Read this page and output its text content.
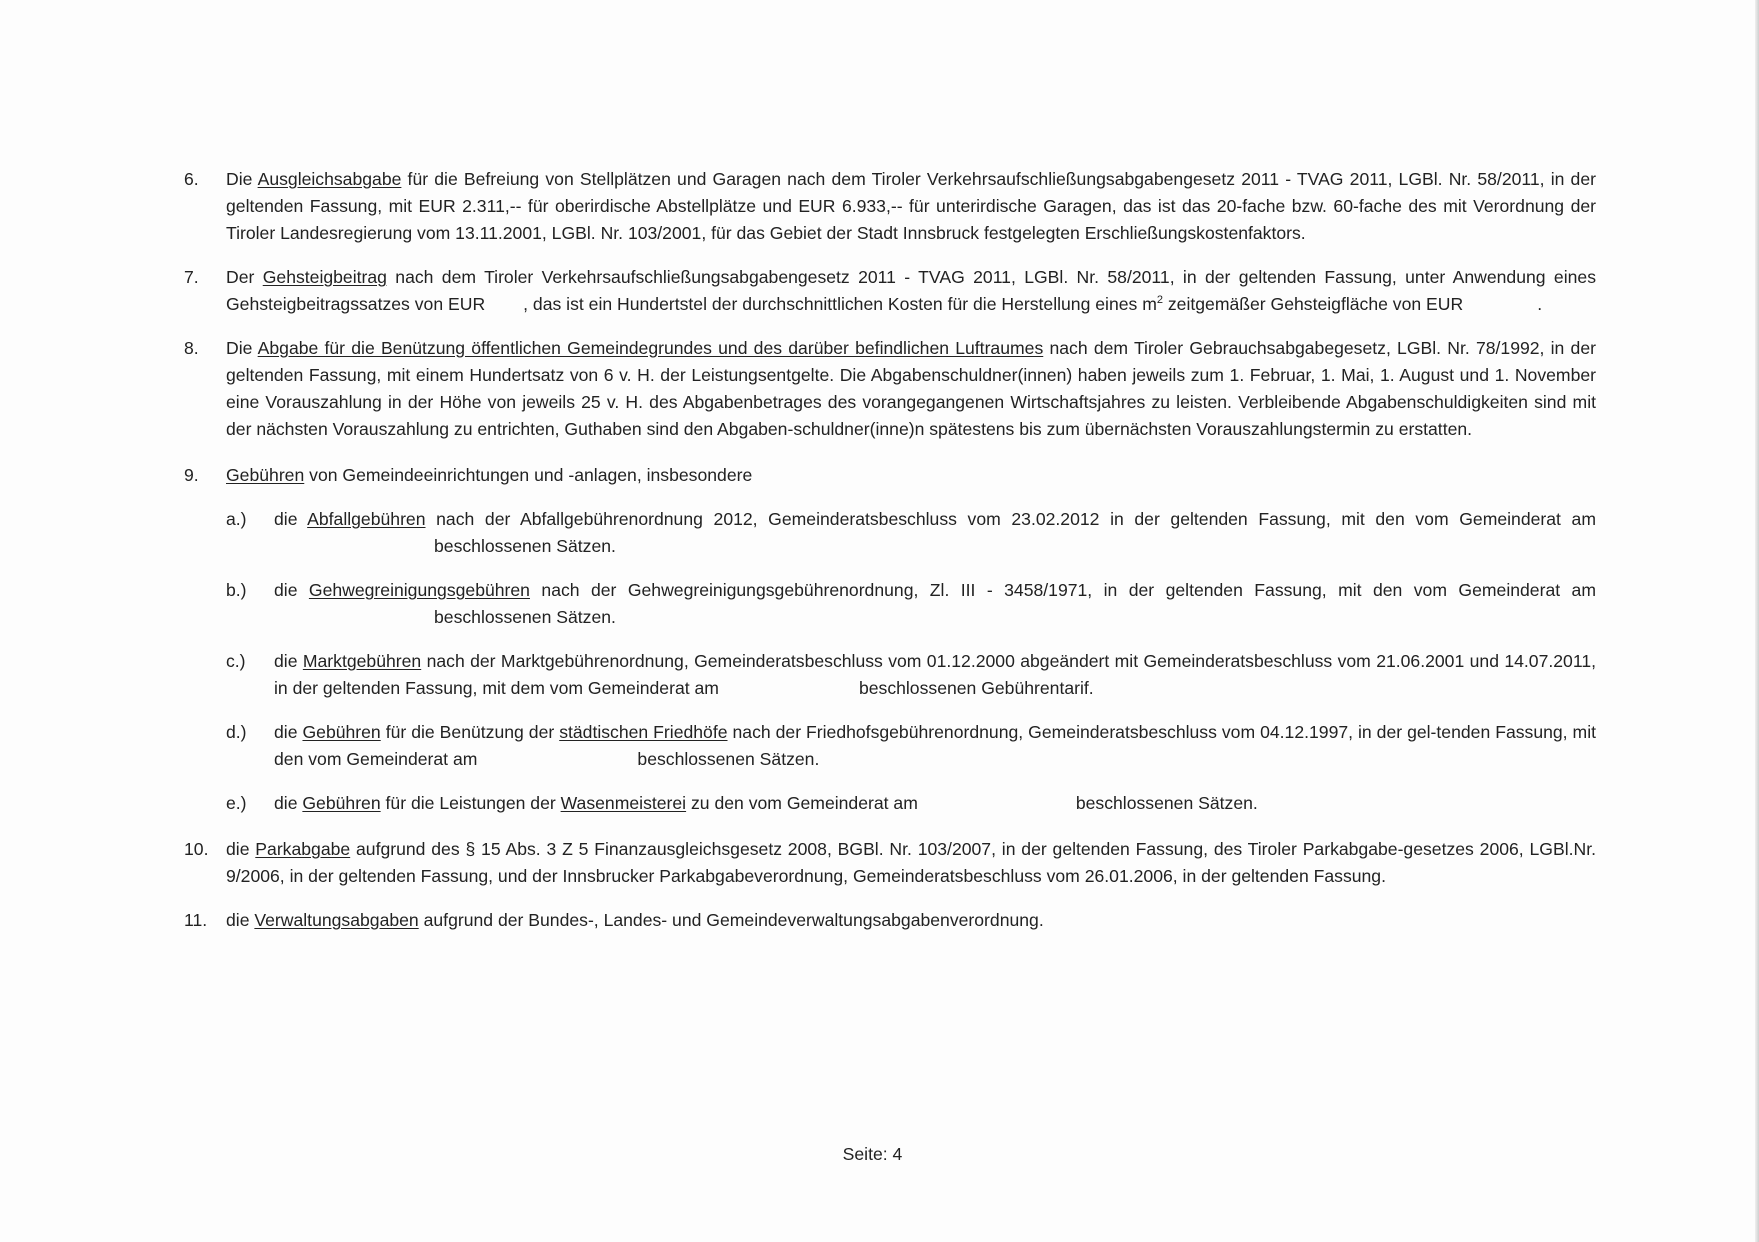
6. Die Ausgleichsabgabe für die Befreiung von Stellplätzen und Garagen nach dem Tiroler Verkehrsaufschließungsabgabengesetz 2011 - TVAG 2011, LGBl. Nr. 58/2011, in der geltenden Fassung, mit EUR 2.311,-- für oberirdische Abstellplätze und EUR 6.933,-- für unterirdische Garagen, das ist das 20-fache bzw. 60-fache des mit Verordnung der Tiroler Landesregierung vom 13.11.2001, LGBl. Nr. 103/2001, für das Gebiet der Stadt Innsbruck festgelegten Erschließungskostenfaktors.
7. Der Gehsteigbeitrag nach dem Tiroler Verkehrsaufschließungsabgabengesetz 2011 - TVAG 2011, LGBl. Nr. 58/2011, in der geltenden Fassung, unter Anwendung eines Gehsteigbeitragssatzes von EUR , das ist ein Hundertstel der durchschnittlichen Kosten für die Herstellung eines $m^2$ zeitgemäßer Gehsteigfläche von EUR	.
8. Die Abgabe für die Benützung öffentlichen Gemeindegrundes und des darüber befindlichen Luftraumes nach dem Tiroler Gebrauchsabgabegesetz, LGBl. Nr. 78/1992, in der geltenden Fassung, mit einem Hundertsatz von 6 v. H. der Leistungsentgelte. Die Abgabenschuldner(innen) haben jeweils zum 1. Februar, 1. Mai, 1. August und 1. November eine Vorauszahlung in der Höhe von jeweils 25 v. H. des Abgabenbetrages des vorangegangenen Wirtschaftsjahres zu leisten. Verbleibende Abgabenschuldigkeiten sind mit der nächsten Vorauszahlung zu entrichten, Guthaben sind den Abgaben-schuldner(inne)n spätestens bis zum übernächsten Vorauszahlungstermin zu erstatten.
9. Gebühren von Gemeindeeinrichtungen und -anlagen, insbesondere
a.) die Abfallgebühren nach der Abfallgebührenordnung 2012, Gemeinderatsbeschluss vom 23.02.2012 in der geltenden Fassung, mit den vom Gemeinderat ambeschlossenen Sätzen.
b.) die Gehwegreinigungsgebühren nach der Gehwegreinigungsgebührenordnung, Zl. III - 3458/1971, in der geltenden Fassung, mit den vom Gemeinderat ambeschlossenen Sätzen.
c.) die Marktgebühren nach der Marktgebührenordnung, Gemeinderatsbeschluss vom 01.12.2000 abgeändert mit Gemeinderatsbeschluss vom 21.06.2001 und 14.07.2011, in der geltenden Fassung, mit dem vom Gemeinderat am	beschlossenen Gebührentarif.
d.) die Gebühren für die Benützung der städtischen Friedhöfe nach der Friedhofsgebührenordnung, Gemeinderatsbeschluss vom 04.12.1997, in der gel-tenden Fassung, mit den vom Gemeinderat am	beschlossenen Sätzen.
e.) die Gebühren für die Leistungen der Wasenmeisterei zu den vom Gemeinderat am	beschlossenen Sätzen.
10. die Parkabgabe aufgrund des § 15 Abs. 3 Z 5 Finanzausgleichsgesetz 2008, BGBl. Nr. 103/2007, in der geltenden Fassung, des Tiroler Parkabgabe-gesetzes 2006, LGBl.Nr. 9/2006, in der geltenden Fassung, und der Innsbrucker Parkabgabeverordnung, Gemeinderatsbeschluss vom 26.01.2006, in der geltenden Fassung.
11. die Verwaltungsabgaben aufgrund der Bundes-, Landes- und Gemeindeverwaltungsabgabenverordnung.
Seite: 4
